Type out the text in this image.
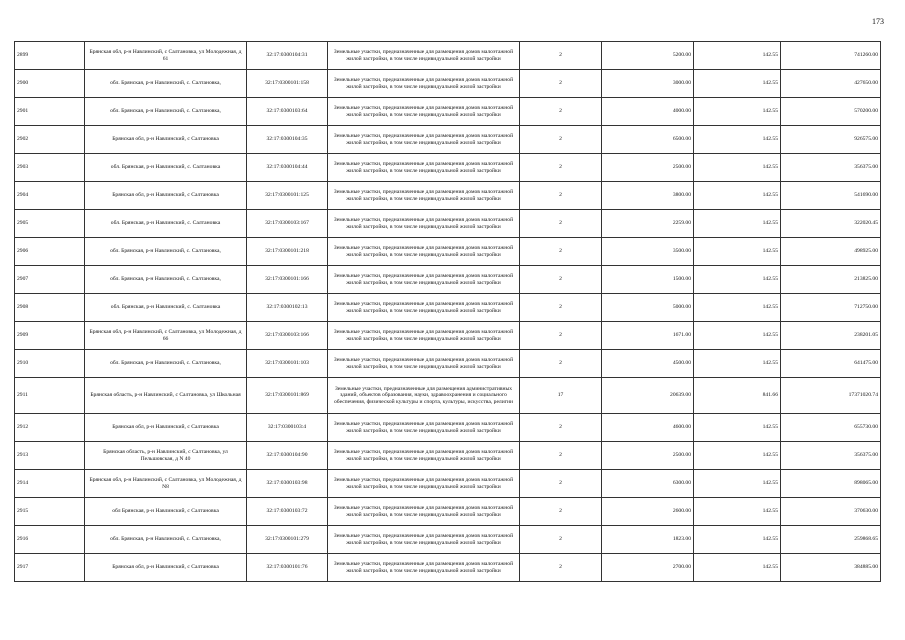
173
2899	Брянская обл, р-н Навлинский, с Салтановка, ул Молодежная, д 61	32:17:0300104:31	Земельные участки, предназначенные для размещения домов малоэтажной жилой застройки, в том числе индивидуальной жилой застройки	2	5200.00	142.55	741260.00
2900	обл. Брянская, р-н Навлинский, с. Салтановка,	32:17:0300101:158	Земельные участки, предназначенные для размещения домов малоэтажной жилой застройки, в том числе индивидуальной жилой застройки	2	3000.00	142.55	427650.00
2901	обл. Брянская, р-н Навлинский, с. Салтановка,	32:17:0300103:64	Земельные участки, предназначенные для размещения домов малоэтажной жилой застройки, в том числе индивидуальной жилой застройки	2	4000.00	142.55	570200.00
2902	Брянская обл, р-н Навлинский, с Салтановка	32:17:0300104:35	Земельные участки, предназначенные для размещения домов малоэтажной жилой застройки, в том числе индивидуальной жилой застройки	2	6500.00	142.55	926575.00
2903	обл. Брянская, р-н Навлинский, с. Салтановка	32:17:0300104:44	Земельные участки, предназначенные для размещения домов малоэтажной жилой застройки, в том числе индивидуальной жилой застройки	2	2500.00	142.55	356375.00
2904	Брянская обл, р-н Навлинский, с Салтановка	32:17:0300101:125	Земельные участки, предназначенные для размещения домов малоэтажной жилой застройки, в том числе индивидуальной жилой застройки	2	3800.00	142.55	541690.00
2905	обл. Брянская, р-н Навлинский, с. Салтановка	32:17:0300103:167	Земельные участки, предназначенные для размещения домов малоэтажной жилой застройки, в том числе индивидуальной жилой застройки	2	2259.00	142.55	322020.45
2906	обл. Брянская, р-н Навлинский, с. Салтановка,	32:17:0300101:218	Земельные участки, предназначенные для размещения домов малоэтажной жилой застройки, в том числе индивидуальной жилой застройки	2	3500.00	142.55	498925.00
2907	обл. Брянская, р-н Навлинский, с. Салтановка,	32:17:0300101:166	Земельные участки, предназначенные для размещения домов малоэтажной жилой застройки, в том числе индивидуальной жилой застройки	2	1500.00	142.55	213825.00
2908	обл. Брянская, р-н Навлинский, с. Салтановка	32:17:0300102:13	Земельные участки, предназначенные для размещения домов малоэтажной жилой застройки, в том числе индивидуальной жилой застройки	2	5000.00	142.55	712750.00
2909	Брянская обл, р-н Навлинский, с Салтановка, ул Молодежная, д 66	32:17:0300103:166	Земельные участки, предназначенные для размещения домов малоэтажной жилой застройки, в том числе индивидуальной жилой застройки	2	1671.00	142.55	238201.05
2910	обл. Брянская, р-н Навлинский, с. Салтановка,	32:17:0300101:103	Земельные участки, предназначенные для размещения домов малоэтажной жилой застройки, в том числе индивидуальной жилой застройки	2	4500.00	142.55	641475.00
2911	Брянская область, р-н Навлинский, с Салтановка, ул Школьная	32:17:0300101:869	Земельные участки, предназначенные для размещения административных зданий, объектов образования, науки, здравоохранения и социального обеспечения, физической культуры и спорта, культуры, искусства, религии	17	20639.00	841.66	17371020.74
2912	Брянская обл, р-н Навлинский, с Салтановка	32:17:0300103:4	Земельные участки, предназначенные для размещения домов малоэтажной жилой застройки, в том числе индивидуальной жилой застройки	2	4600.00	142.55	655730.00
2913	Брянская область, р-н Навлинский, с Салтановка, ул Пельшовская, д N 40	32:17:0300104:90	Земельные участки, предназначенные для размещения домов малоэтажной жилой застройки, в том числе индивидуальной жилой застройки	2	2500.00	142.55	356375.00
2914	Брянская обл, р-н Навлинский, с Салтановка, ул Молодежная, д N8	32:17:0300103:98	Земельные участки, предназначенные для размещения домов малоэтажной жилой застройки, в том числе индивидуальной жилой застройки	2	6300.00	142.55	898065.00
2915	обл Брянская, р-н Навлинский, с Салтановка	32:17:0300103:72	Земельные участки, предназначенные для размещения домов малоэтажной жилой застройки, в том числе индивидуальной жилой застройки	2	2600.00	142.55	370630.00
2916	обл. Брянская, р-н Навлинский, с. Салтановка,	32:17:0300101:279	Земельные участки, предназначенные для размещения домов малоэтажной жилой застройки, в том числе индивидуальной жилой застройки	2	1823.00	142.55	259868.65
2917	Брянская обл, р-н Навлинский, с Салтановка	32:17:0300101:76	Земельные участки, предназначенные для размещения домов малоэтажной жилой застройки, в том числе индивидуальной жилой застройки	2	2700.00	142.55	384885.00
